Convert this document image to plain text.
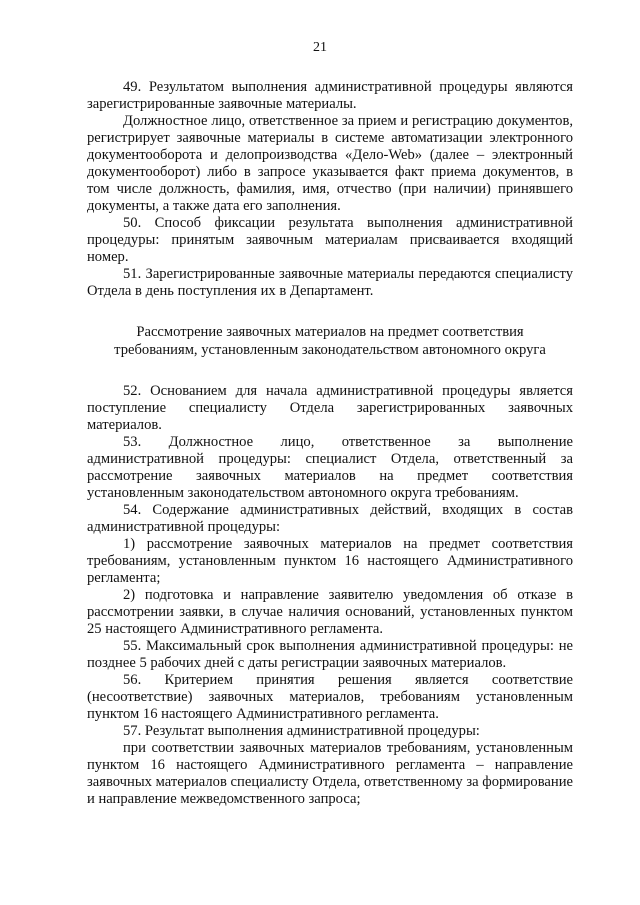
21

49. Результатом выполнения административной процедуры являются зарегистрированные заявочные материалы.

Должностное лицо, ответственное за прием и регистрацию документов, регистрирует заявочные материалы в системе автоматизации электронного документооборота и делопроизводства «Дело-Web» (далее – электронный документооборот) либо в запросе указывается факт приема документов, в том числе должность, фамилия, имя, отчество (при наличии) принявшего документы, а также дата его заполнения.

50. Способ фиксации результата выполнения административной процедуры: принятым заявочным материалам присваивается входящий номер.

51. Зарегистрированные заявочные материалы передаются специалисту Отдела в день поступления их в Департамент.

Рассмотрение заявочных материалов на предмет соответствия
требованиям, установленным законодательством автономного округа

52. Основанием для начала административной процедуры является поступление специалисту Отдела зарегистрированных заявочных материалов.

53. Должностное лицо, ответственное за выполнение административной процедуры: специалист Отдела, ответственный за рассмотрение заявочных материалов на предмет соответствия установленным законодательством автономного округа требованиям.

54. Содержание административных действий, входящих в состав административной процедуры:

1) рассмотрение заявочных материалов на предмет соответствия требованиям, установленным пунктом 16 настоящего Административного регламента;

2) подготовка и направление заявителю уведомления об отказе в рассмотрении заявки, в случае наличия оснований, установленных пунктом 25 настоящего Административного регламента.

55. Максимальный срок выполнения административной процедуры: не позднее 5 рабочих дней с даты регистрации заявочных материалов.

56. Критерием принятия решения является соответствие (несоответствие) заявочных материалов, требованиям установленным пунктом 16 настоящего Административного регламента.

57. Результат выполнения административной процедуры:

при соответствии заявочных материалов требованиям, установленным пунктом 16 настоящего Административного регламента – направление заявочных материалов специалисту Отдела, ответственному за формирование и направление межведомственного запроса;
